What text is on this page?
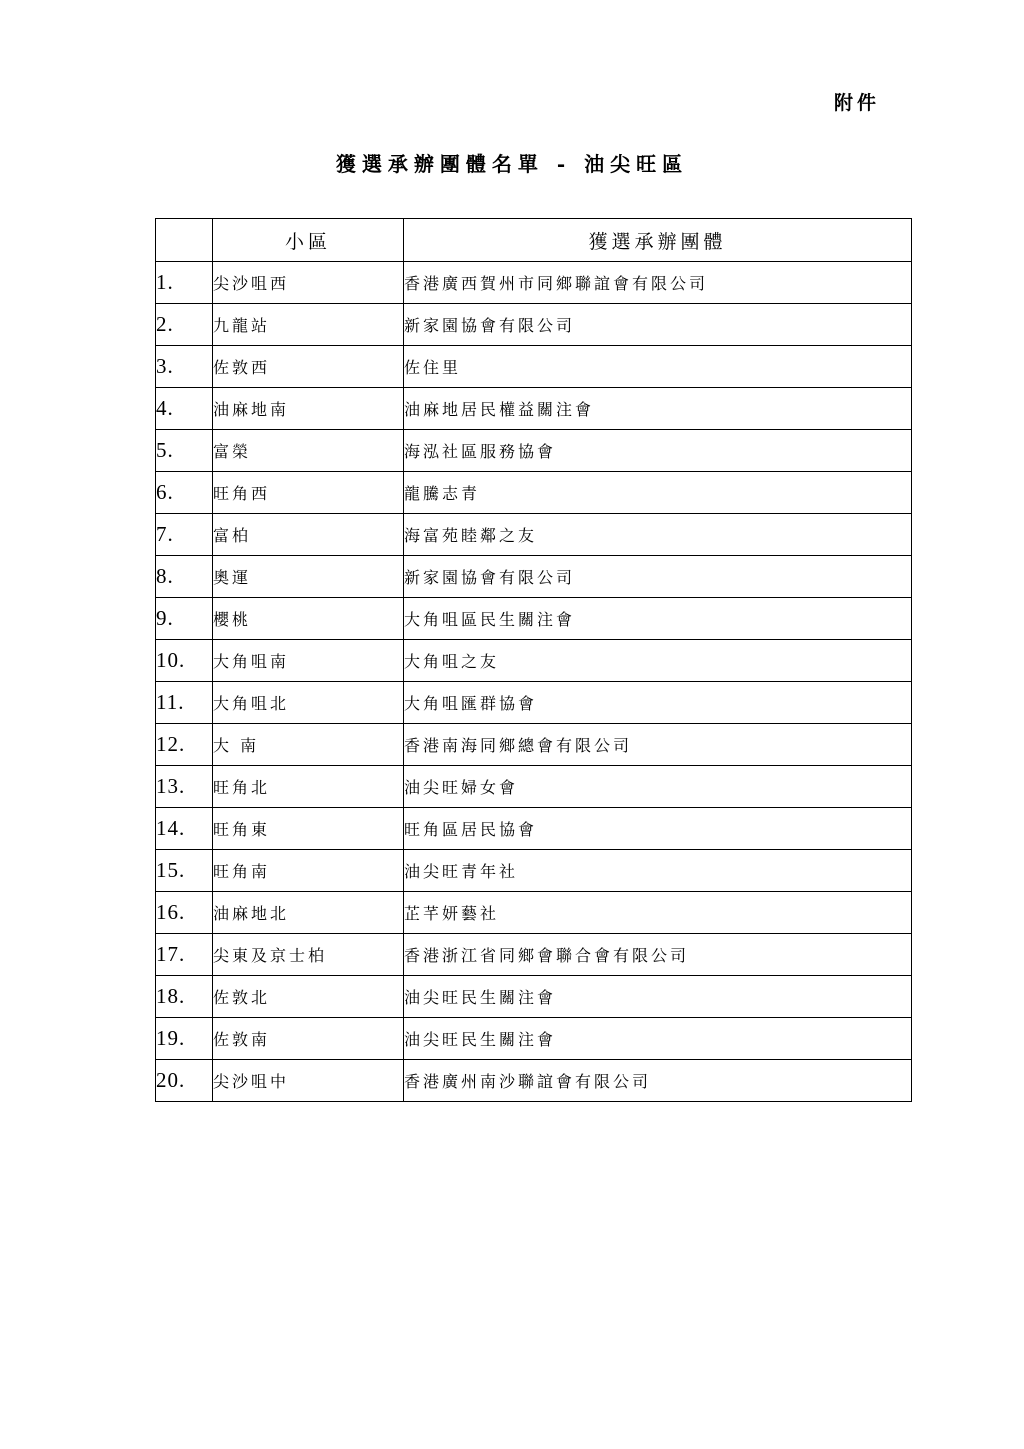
附件
獲選承辦團體名單 - 油尖旺區
	小區	獲選承辦團體
1.	尖沙咀西	香港廣西賀州市同鄉聯誼會有限公司
2.	九龍站	新家園協會有限公司
3.	佐敦西	佐住里
4.	油麻地南	油麻地居民權益關注會
5.	富榮	海泓社區服務協會
6.	旺角西	龍騰志青
7.	富柏	海富苑睦鄰之友
8.	奧運	新家園協會有限公司
9.	櫻桃	大角咀區民生關注會
10.	大角咀南	大角咀之友
11.	大角咀北	大角咀匯群協會
12.	大 南	香港南海同鄉總會有限公司
13.	旺角北	油尖旺婦女會
14.	旺角東	旺角區居民協會
15.	旺角南	油尖旺青年社
16.	油麻地北	芷芊妍藝社
17.	尖東及京士柏	香港浙江省同鄉會聯合會有限公司
18.	佐敦北	油尖旺民生關注會
19.	佐敦南	油尖旺民生關注會
20.	尖沙咀中	香港廣州南沙聯誼會有限公司
